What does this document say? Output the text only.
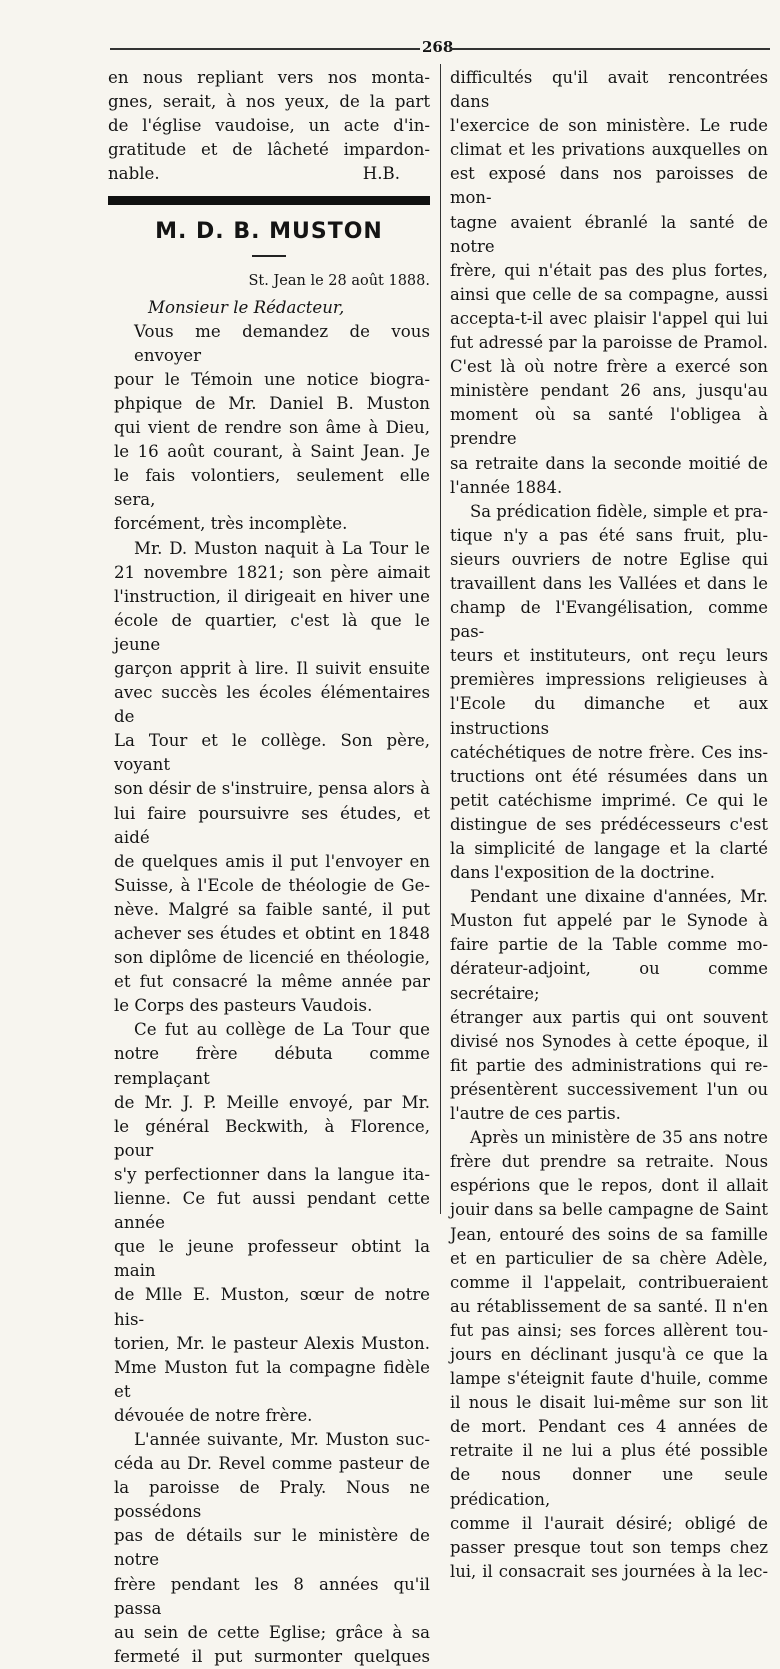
268
en nous repliant vers nos monta-
gnes, serait, à nos yeux, de la part
de l'église vaudoise, un acte d'in-
gratitude et de lâcheté impardon-
nable.	H.B.
M. D. B. MUSTON
St. Jean le 28 août 1888.
Monsieur le Rédacteur,
Vous me demandez de vous envoyer
pour le Témoin une notice biogra-
phpique de Mr. Daniel B. Muston
qui vient de rendre son âme à Dieu,
le 16 août courant, à Saint Jean. Je
le fais volontiers, seulement elle sera,
forcément, très incomplète.
Mr. D. Muston naquit à La Tour le
21 novembre 1821; son père aimait
l'instruction, il dirigeait en hiver une
école de quartier, c'est là que le jeune
garçon apprit à lire. Il suivit ensuite
avec succès les écoles élémentaires de
La Tour et le collège. Son père, voyant
son désir de s'instruire, pensa alors à
lui faire poursuivre ses études, et aidé
de quelques amis il put l'envoyer en
Suisse, à l'Ecole de théologie de Ge-
nève. Malgré sa faible santé, il put
achever ses études et obtint en 1848
son diplôme de licencié en théologie,
et fut consacré la même année par
le Corps des pasteurs Vaudois.
Ce fut au collège de La Tour que
notre frère débuta comme remplaçant
de Mr. J. P. Meille envoyé, par Mr.
le général Beckwith, à Florence, pour
s'y perfectionner dans la langue ita-
lienne. Ce fut aussi pendant cette année
que le jeune professeur obtint la main
de Mlle E. Muston, sœur de notre his-
torien, Mr. le pasteur Alexis Muston.
Mme Muston fut la compagne fidèle et
dévouée de notre frère.
L'année suivante, Mr. Muston suc-
céda au Dr. Revel comme pasteur de
la paroisse de Praly. Nous ne possédons
pas de détails sur le ministère de notre
frère pendant les 8 années qu'il passa
au sein de cette Eglise; grâce à sa
fermeté il put surmonter quelques
difficultés qu'il avait rencontrées dans
l'exercice de son ministère. Le rude
climat et les privations auxquelles on
est exposé dans nos paroisses de mon-
tagne avaient ébranlé la santé de notre
frère, qui n'était pas des plus fortes,
ainsi que celle de sa compagne, aussi
accepta-t-il avec plaisir l'appel qui lui
fut adressé par la paroisse de Pramol.
C'est là où notre frère a exercé son
ministère pendant 26 ans, jusqu'au
moment où sa santé l'obligea à prendre
sa retraite dans la seconde moitié de
l'année 1884.
Sa prédication fidèle, simple et pra-
tique n'y a pas été sans fruit, plu-
sieurs ouvriers de notre Eglise qui
travaillent dans les Vallées et dans le
champ de l'Evangélisation, comme pas-
teurs et instituteurs, ont reçu leurs
premières impressions religieuses à
l'Ecole du dimanche et aux instructions
catéchétiques de notre frère. Ces ins-
tructions ont été résumées dans un
petit catéchisme imprimé. Ce qui le
distingue de ses prédécesseurs c'est
la simplicité de langage et la clarté
dans l'exposition de la doctrine.
Pendant une dixaine d'années, Mr.
Muston fut appelé par le Synode à
faire partie de la Table comme mo-
dérateur-adjoint, ou comme secrétaire;
étranger aux partis qui ont souvent
divisé nos Synodes à cette époque, il
fit partie des administrations qui re-
présentèrent successivement l'un ou
l'autre de ces partis.
Après un ministère de 35 ans notre
frère dut prendre sa retraite. Nous
espérions que le repos, dont il allait
jouir dans sa belle campagne de Saint
Jean, entouré des soins de sa famille
et en particulier de sa chère Adèle,
comme il l'appelait, contribueraient
au rétablissement de sa santé. Il n'en
fut pas ainsi; ses forces allèrent tou-
jours en déclinant jusqu'à ce que la
lampe s'éteignit faute d'huile, comme
il nous le disait lui-même sur son lit
de mort. Pendant ces 4 années de
retraite il ne lui a plus été possible
de nous donner une seule prédication,
comme il l'aurait désiré; obligé de
passer presque tout son temps chez
lui, il consacrait ses journées à la lec-
